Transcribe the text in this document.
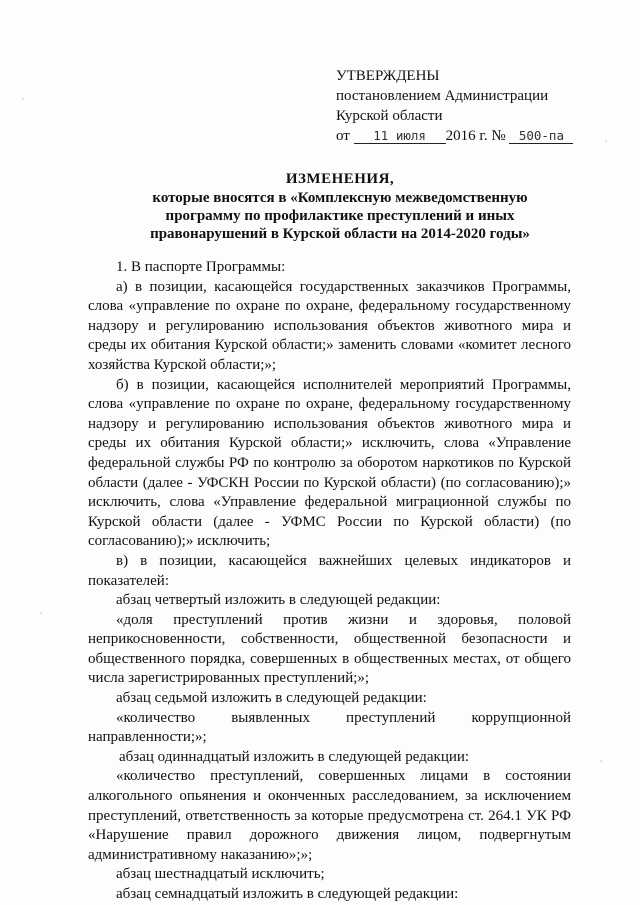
УТВЕРЖДЕНЫ
постановлением Администрации
Курской области
от 11 июля 2016 г. № 500-па
ИЗМЕНЕНИЯ,
которые вносятся в «Комплексную межведомственную
программу по профилактике преступлений и иных
правонарушений в Курской области на 2014-2020 годы»

1. В паспорте Программы:

а) в позиции, касающейся государственных заказчиков Программы, слова «управление по охране по охране, федеральному государственному надзору и регулированию использования объектов животного мира и среды их обитания Курской области;» заменить словами «комитет лесного хозяйства Курской области;»;

б) в позиции, касающейся исполнителей мероприятий Программы, слова «управление по охране по охране, федеральному государственному надзору и регулированию использования объектов животного мира и среды их обитания Курской области;» исключить, слова «Управление федеральной службы РФ по контролю за оборотом наркотиков по Курской области (далее - УФСКН России по Курской области) (по согласованию);» исключить, слова «Управление федеральной миграционной службы по Курской области (далее - УФМС России по Курской области) (по согласованию);» исключить;

в) в позиции, касающейся важнейших целевых индикаторов и показателей:

абзац четвертый изложить в следующей редакции:

«доля преступлений против жизни и здоровья, половой неприкосновенности, собственности, общественной безопасности и общественного порядка, совершенных в общественных местах, от общего числа зарегистрированных преступлений;»;

абзац седьмой изложить в следующей редакции:

«количество выявленных преступлений коррупционной направленности;»;

абзац одиннадцатый изложить в следующей редакции:

«количество преступлений, совершенных лицами в состоянии алкогольного опьянения и оконченных расследованием, за исключением преступлений, ответственность за которые предусмотрена ст. 264.1 УК РФ «Нарушение правил дорожного движения лицом, подвергнутым административному наказанию»;»;

абзац шестнадцатый исключить;

абзац семнадцатый изложить в следующей редакции:
